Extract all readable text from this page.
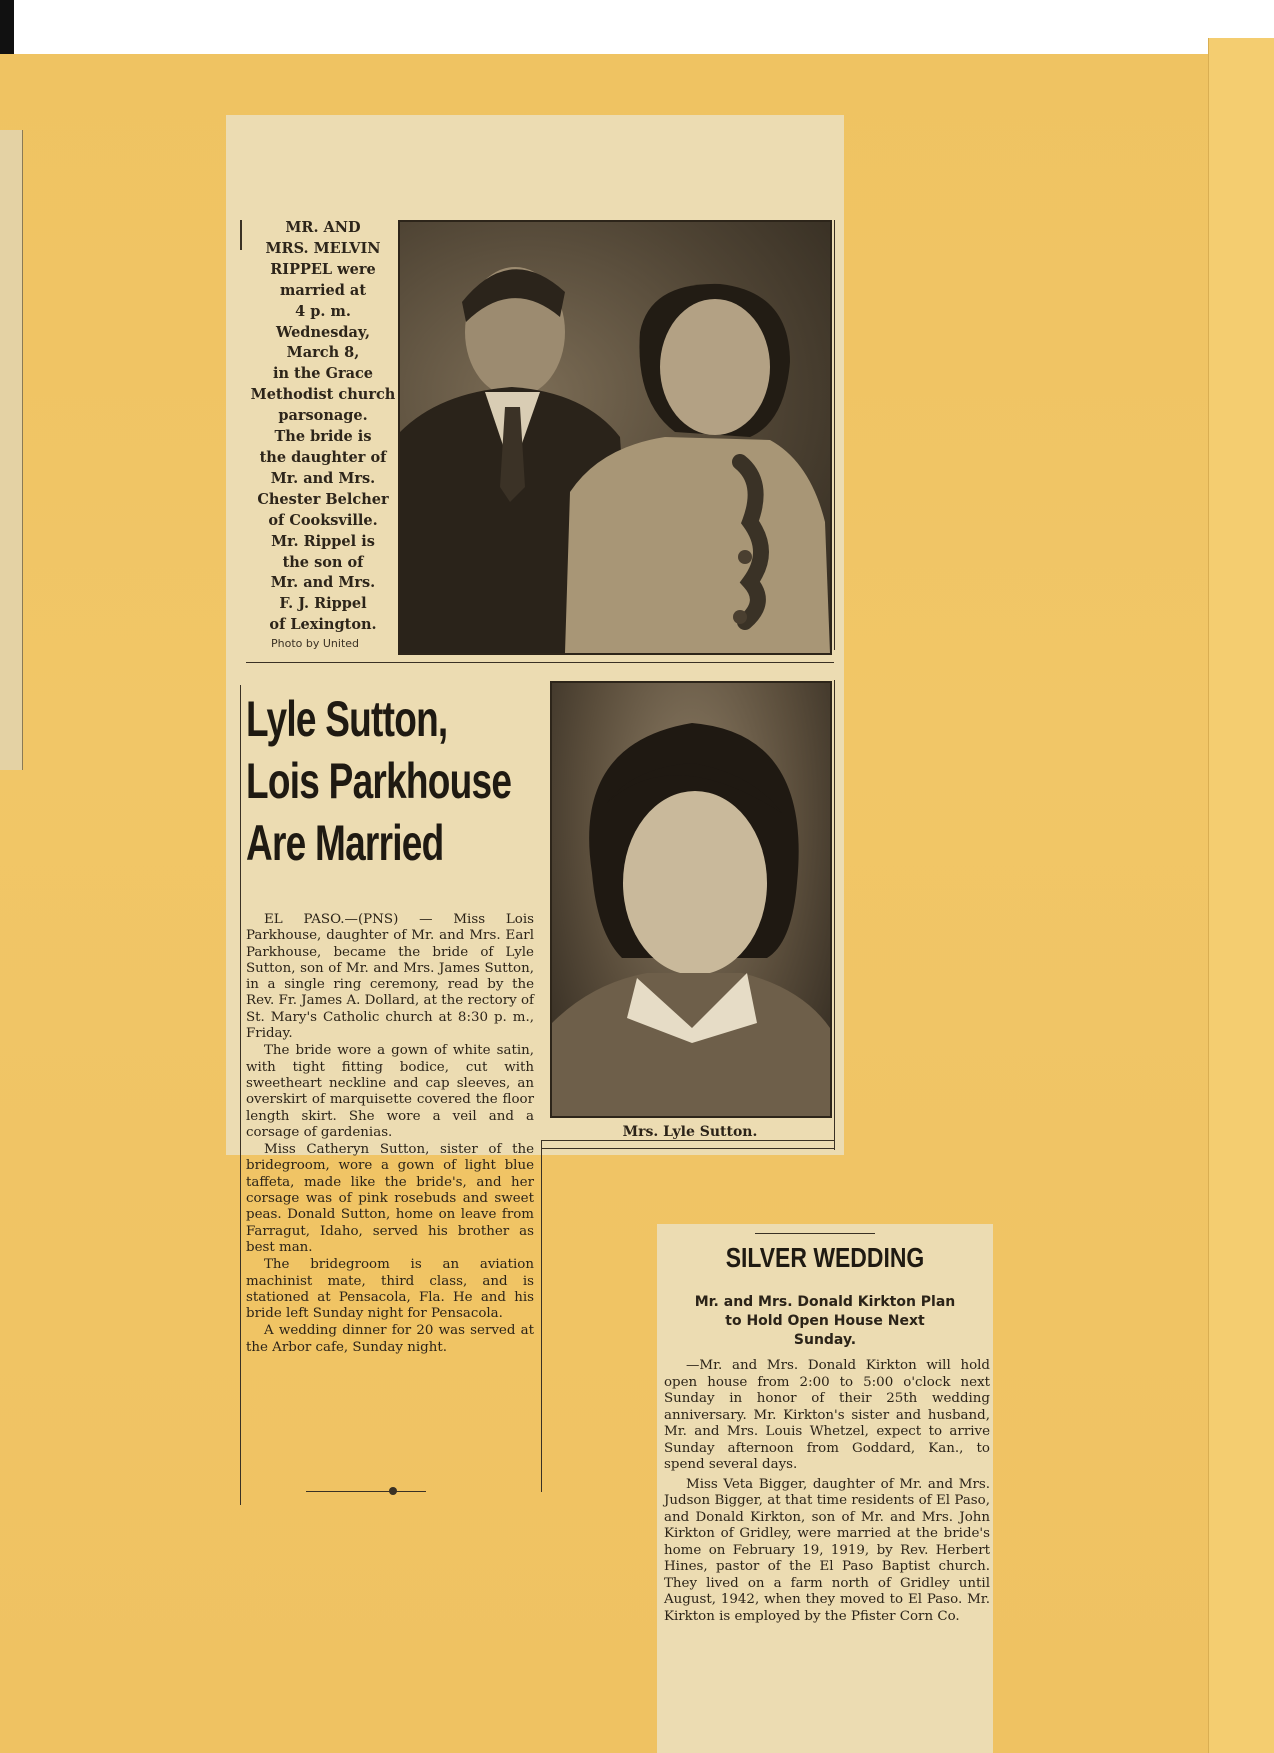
MR. AND
MRS. MELVIN
RIPPEL were
married at
4 p. m.
Wednesday,
March 8,
in the Grace
Methodist church
parsonage.
The bride is
the daughter of
Mr. and Mrs.
Chester Belcher
of Cooksville.
Mr. Rippel is
the son of
Mr. and Mrs.
F. J. Rippel
of Lexington.
Photo by United
Lyle Sutton,
Lois Parkhouse
Are Married

EL PASO.—(PNS) — Miss Lois Parkhouse, daughter of Mr. and Mrs. Earl Parkhouse, became the bride of Lyle Sutton, son of Mr. and Mrs. James Sutton, in a single ring ceremony, read by the Rev. Fr. James A. Dollard, at the rectory of St. Mary's Catholic church at 8:30 p. m., Friday.

The bride wore a gown of white satin, with tight fitting bodice, cut with sweetheart neckline and cap sleeves, an overskirt of marquisette covered the floor length skirt. She wore a veil and a corsage of gardenias.

Miss Catheryn Sutton, sister of the bridegroom, wore a gown of light blue taffeta, made like the bride's, and her corsage was of pink rosebuds and sweet peas. Donald Sutton, home on leave from Farragut, Idaho, served his brother as best man.

The bridegroom is an aviation machinist mate, third class, and is stationed at Pensacola, Fla. He and his bride left Sunday night for Pensacola.

A wedding dinner for 20 was served at the Arbor cafe, Sunday night.

Mrs. Lyle Sutton.
SILVER WEDDING
Mr. and Mrs. Donald Kirkton Plan
to Hold Open House Next
Sunday.

—Mr. and Mrs. Donald Kirkton will hold open house from 2:00 to 5:00 o'clock next Sunday in honor of their 25th wedding anniversary. Mr. Kirkton's sister and husband, Mr. and Mrs. Louis Whetzel, expect to arrive Sunday afternoon from Goddard, Kan., to spend several days.

Miss Veta Bigger, daughter of Mr. and Mrs. Judson Bigger, at that time residents of El Paso, and Donald Kirkton, son of Mr. and Mrs. John Kirkton of Gridley, were married at the bride's home on February 19, 1919, by Rev. Herbert Hines, pastor of the El Paso Baptist church. They lived on a farm north of Gridley until August, 1942, when they moved to El Paso. Mr. Kirkton is employed by the Pfister Corn Co.
